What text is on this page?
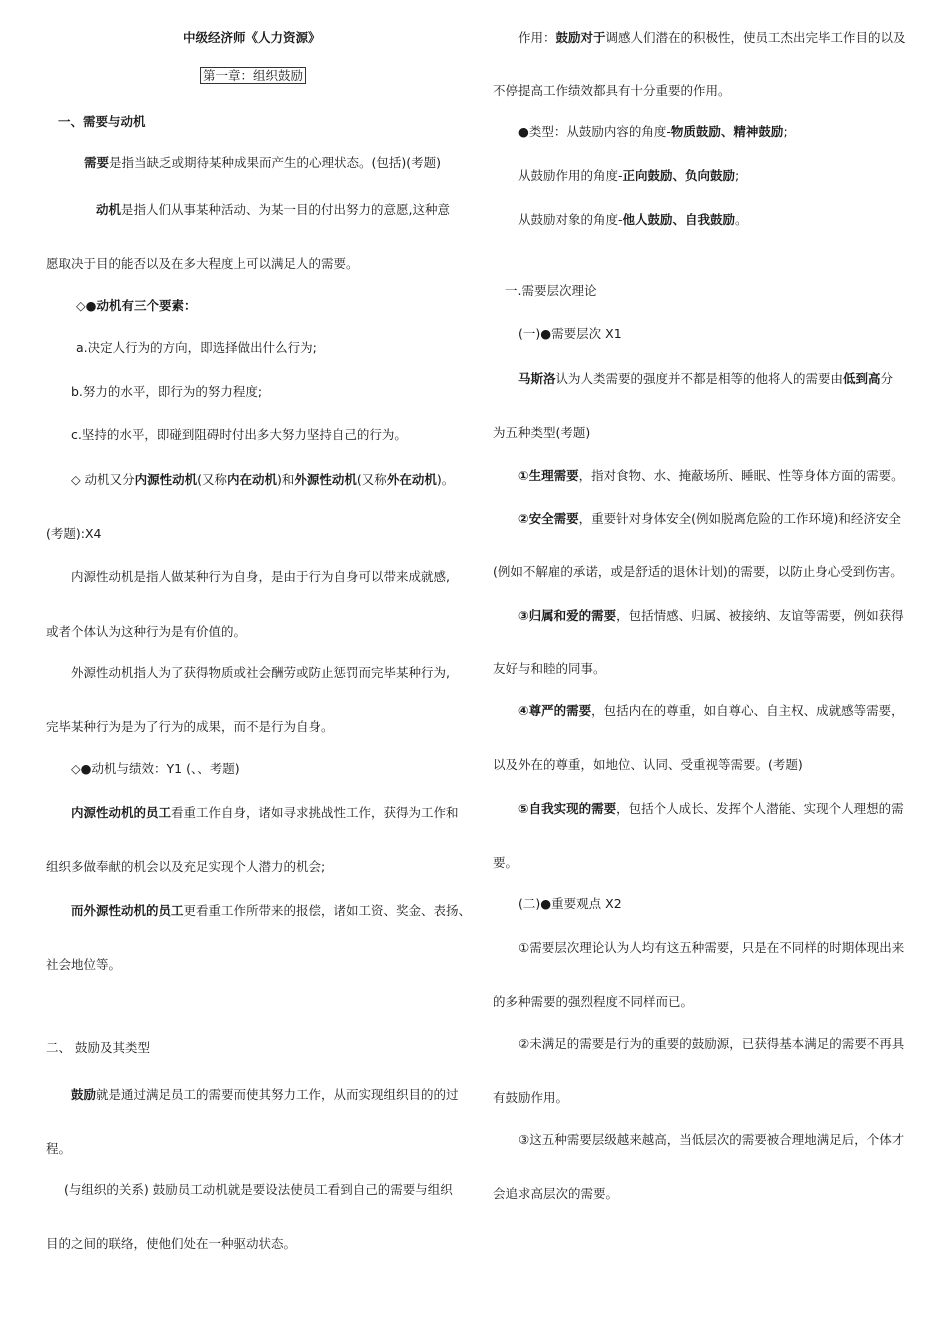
中级经济师《人力资源》
第一章：组织鼓励
一、需要与动机
需要是指当缺乏或期待某种成果而产生的心理状态。(包括)(考题)
动机是指人们从事某种活动、为某一目的付出努力的意愿,这种意
愿取决于目的能否以及在多大程度上可以满足人的需要。
◇●动机有三个要素：
a.决定人行为的方向，即选择做出什么行为;
b.努力的水平，即行为的努力程度;
c.坚持的水平，即碰到阻碍时付出多大努力坚持自己的行为。
◇ 动机又分内源性动机(又称内在动机)和外源性动机(又称外在动机)。
(考题):X4
内源性动机是指人做某种行为自身，是由于行为自身可以带来成就感,
或者个体认为这种行为是有价值的。
外源性动机指人为了获得物质或社会酬劳或防止惩罚而完毕某种行为,
完毕某种行为是为了行为的成果，而不是行为自身。
◇●动机与绩效：Y1 (、、考题)
内源性动机的员工看重工作自身，诸如寻求挑战性工作，获得为工作和
组织多做奉献的机会以及充足实现个人潜力的机会;
而外源性动机的员工更看重工作所带来的报偿，诸如工资、奖金、表扬、
社会地位等。
二、 鼓励及其类型
鼓励就是通过满足员工的需要而使其努力工作，从而实现组织目的的过
程。
(与组织的关系) 鼓励员工动机就是要设法使员工看到自己的需要与组织
目的之间的联络，使他们处在一种驱动状态。
作用：鼓励对于调感人们潜在的积极性，使员工杰出完毕工作目的以及
不停提高工作绩效都具有十分重要的作用。
●类型：从鼓励内容的角度-物质鼓励、精神鼓励;
从鼓励作用的角度-正向鼓励、负向鼓励;
从鼓励对象的角度-他人鼓励、自我鼓励。
一.需要层次理论
(一)●需要层次 X1
马斯洛认为人类需要的强度并不都是相等的他将人的需要由低到高分
为五种类型(考题)
①生理需要，指对食物、水、掩蔽场所、睡眠、性等身体方面的需要。
②安全需要，重要针对身体安全(例如脱离危险的工作环境)和经济安全
(例如不解雇的承诺，或是舒适的退休计划)的需要，以防止身心受到伤害。
③归属和爱的需要，包括情感、归属、被接纳、友谊等需要，例如获得
友好与和睦的同事。
④尊严的需要，包括内在的尊重，如自尊心、自主权、成就感等需要，
以及外在的尊重，如地位、认同、受重视等需要。(考题)
⑤自我实现的需要，包括个人成长、发挥个人潜能、实现个人理想的需
要。
(二)●重要观点 X2
①需要层次理论认为人均有这五种需要，只是在不同样的时期体现出来
的多种需要的强烈程度不同样而已。
②未满足的需要是行为的重要的鼓励源，已获得基本满足的需要不再具
有鼓励作用。
③这五种需要层级越来越高，当低层次的需要被合理地满足后，个体才
会追求高层次的需要。
